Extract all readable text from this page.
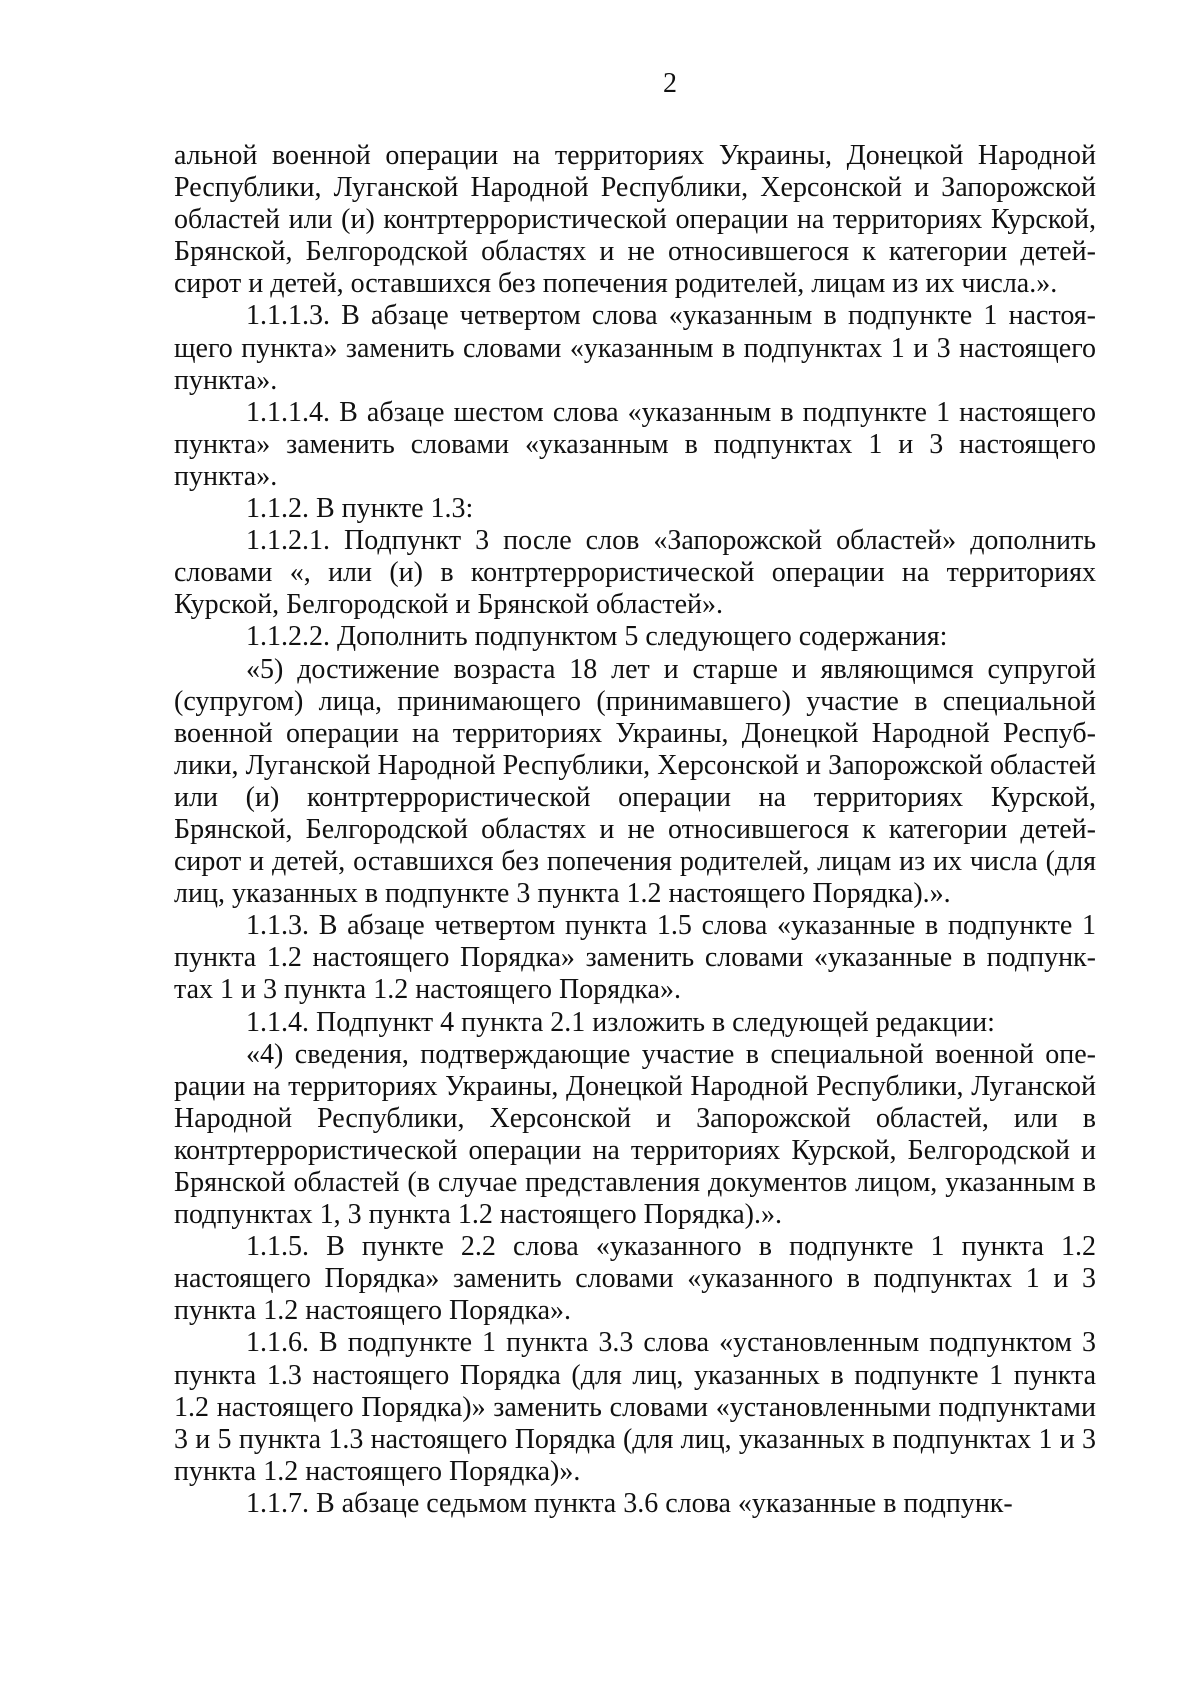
2

альной военной операции на территориях Украины, Донецкой Народной Республики, Луганской Народной Республики, Херсонской и Запорожской областей или (и) контртеррористической операции на территориях Курской, Брянской, Белгородской областях и не относившегося к категории детей-сирот и детей, оставшихся без попечения родителей, лицам из их числа.».

1.1.1.3. В абзаце четвертом слова «указанным в подпункте 1 настоящего пункта» заменить словами «указанным в подпунктах 1 и 3 настоящего пункта».

1.1.1.4. В абзаце шестом слова «указанным в подпункте 1 настоящего пункта» заменить словами «указанным в подпунктах 1 и 3 настоящего пункта».

1.1.2. В пункте 1.3:

1.1.2.1. Подпункт 3 после слов «Запорожской областей» дополнить словами «, или (и) в контртеррористической операции на территориях Курской, Белгородской и Брянской областей».

1.1.2.2. Дополнить подпунктом 5 следующего содержания:

«5) достижение возраста 18 лет и старше и являющимся супругой (супругом) лица, принимающего (принимавшего) участие в специальной военной операции на территориях Украины, Донецкой Народной Республики, Луганской Народной Республики, Херсонской и Запорожской областей или (и) контртеррористической операции на территориях Курской, Брянской, Белгородской областях и не относившегося к категории детей-сирот и детей, оставшихся без попечения родителей, лицам из их числа (для лиц, указанных в подпункте 3 пункта 1.2 настоящего Порядка).».

1.1.3. В абзаце четвертом пункта 1.5 слова «указанные в подпункте 1 пункта 1.2 настоящего Порядка» заменить словами «указанные в подпунктах 1 и 3 пункта 1.2 настоящего Порядка».

1.1.4. Подпункт 4 пункта 2.1 изложить в следующей редакции:

«4) сведения, подтверждающие участие в специальной военной операции на территориях Украины, Донецкой Народной Республики, Луганской Народной Республики, Херсонской и Запорожской областей, или в контртеррористической операции на территориях Курской, Белгородской и Брянской областей (в случае представления документов лицом, указанным в подпунктах 1, 3 пункта 1.2 настоящего Порядка).».

1.1.5. В пункте 2.2 слова «указанного в подпункте 1 пункта 1.2 настоящего Порядка» заменить словами «указанного в подпунктах 1 и 3 пункта 1.2 настоящего Порядка».

1.1.6. В подпункте 1 пункта 3.3 слова «установленным подпунктом 3 пункта 1.3 настоящего Порядка (для лиц, указанных в подпункте 1 пункта 1.2 настоящего Порядка)» заменить словами «установленными подпунктами 3 и 5 пункта 1.3 настоящего Порядка (для лиц, указанных в подпунктах 1 и 3 пункта 1.2 настоящего Порядка)».

1.1.7. В абзаце седьмом пункта 3.6 слова «указанные в подпунк-
